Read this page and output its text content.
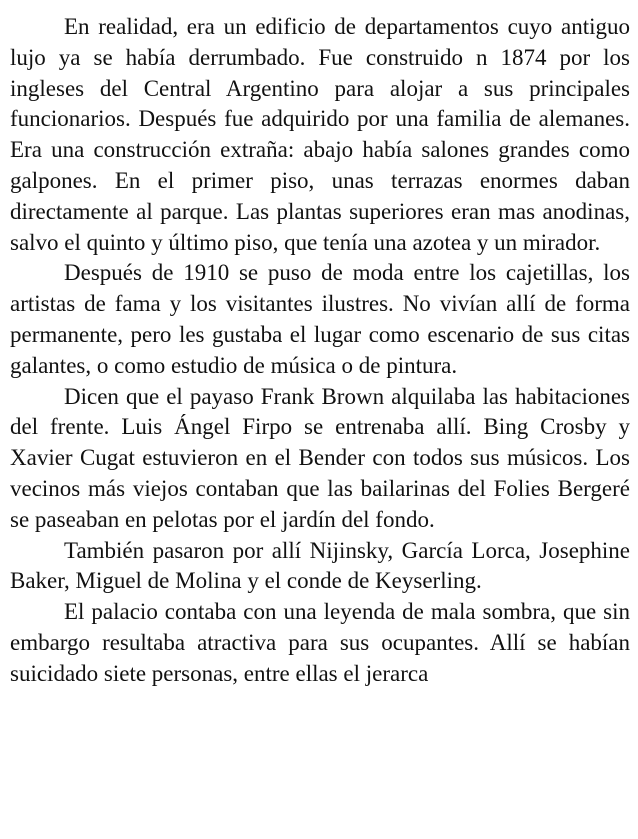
En realidad, era un edificio de departamentos cuyo antiguo lujo ya se había derrumbado. Fue construido n 1874 por los ingleses del Central Argentino para alojar a sus principales funcionarios. Después fue adquirido por una familia de alemanes. Era una construcción extraña: abajo había salones grandes como galpones. En el primer piso, unas terrazas enormes daban directamente al parque. Las plantas superiores eran mas anodinas, salvo el quinto y último piso, que tenía una azotea y un mirador.

Después de 1910 se puso de moda entre los cajetillas, los artistas de fama y los visitantes ilustres. No vivían allí de forma permanente, pero les gustaba el lugar como escenario de sus citas galantes, o como estudio de música o de pintura.

Dicen que el payaso Frank Brown alquilaba las habitaciones del frente. Luis Ángel Firpo se entrenaba allí. Bing Crosby y Xavier Cugat estuvieron en el Bender con todos sus músicos. Los vecinos más viejos contaban que las bailarinas del Folies Bergeré se paseaban en pelotas por el jardín del fondo.

También pasaron por allí Nijinsky, García Lorca, Josephine Baker, Miguel de Molina y el conde de Keyserling.

El palacio contaba con una leyenda de mala sombra, que sin embargo resultaba atractiva para sus ocupantes. Allí se habían suicidado siete personas, entre ellas el jerarca
